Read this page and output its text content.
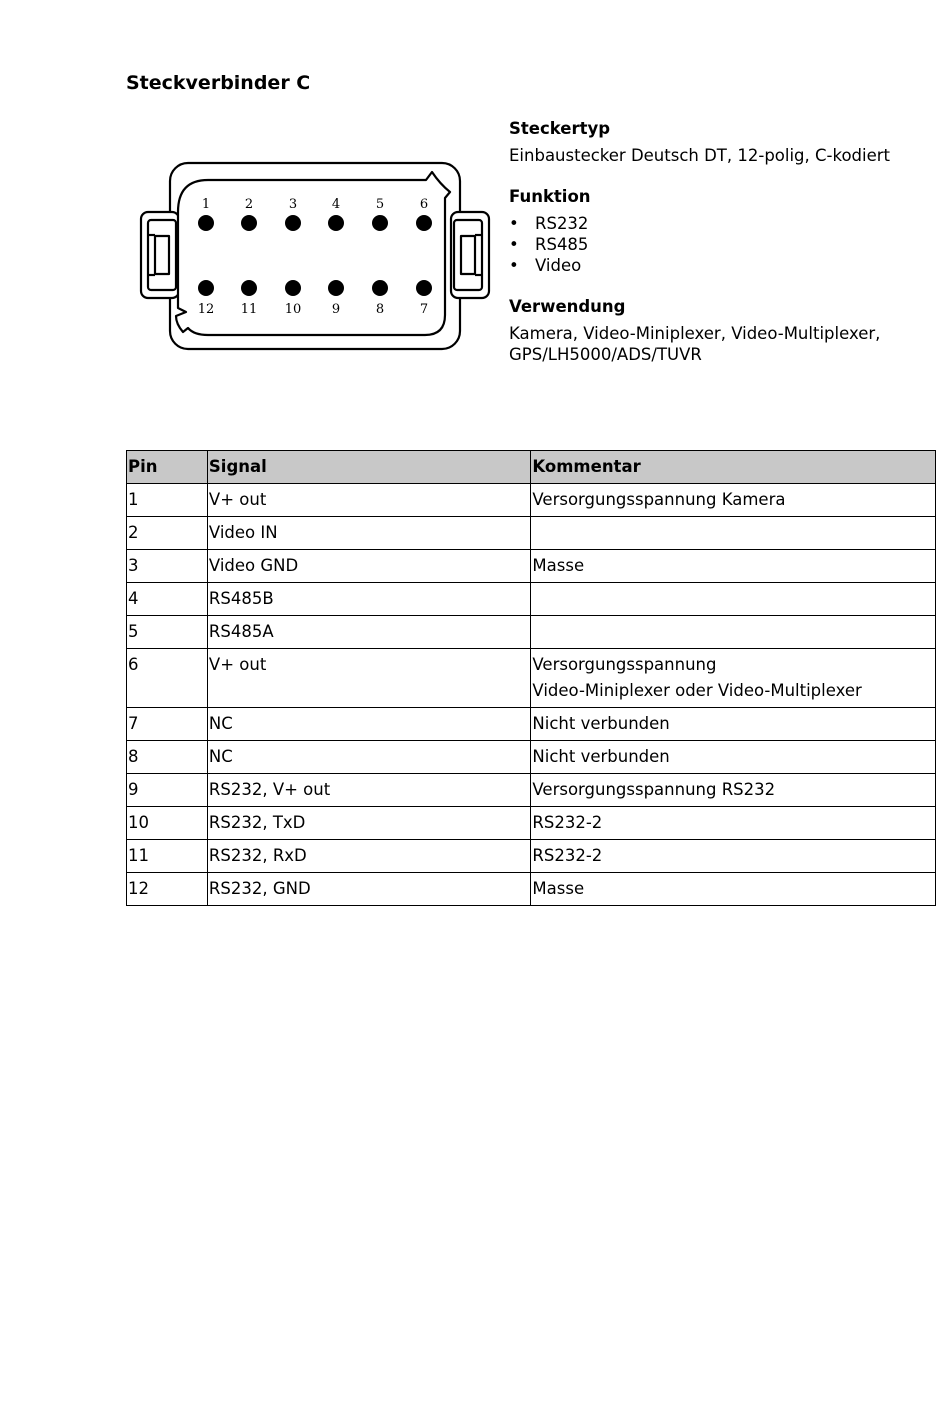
Steckverbinder C
1	2	3	4	5	6
12 11 10 9	8	7
Steckertyp
Einbaustecker Deutsch DT, 12-polig, C-kodiert
Funktion
• RS232
• RS485
• Video
Verwendung

Kamera, Video-Miniplexer, Video-Multiplexer,

GPS/LH5000/ADS/TUVR

Pin	Signal	Kommentar
1	V+ out	Versorgungsspannung Kamera

2	Video IN	

3	Video GND	Masse

4	RS485B	

5	RS485A	

6	V+ out	Versorgungsspannung
Video-Miniplexer oder Video-Multiplexer

7	NC	Nicht verbunden

8	NC	Nicht verbunden

9	RS232, V+ out	Versorgungsspannung RS232

10	RS232, TxD	RS232-2

11	RS232, RxD	RS232-2

12	RS232, GND	Masse
